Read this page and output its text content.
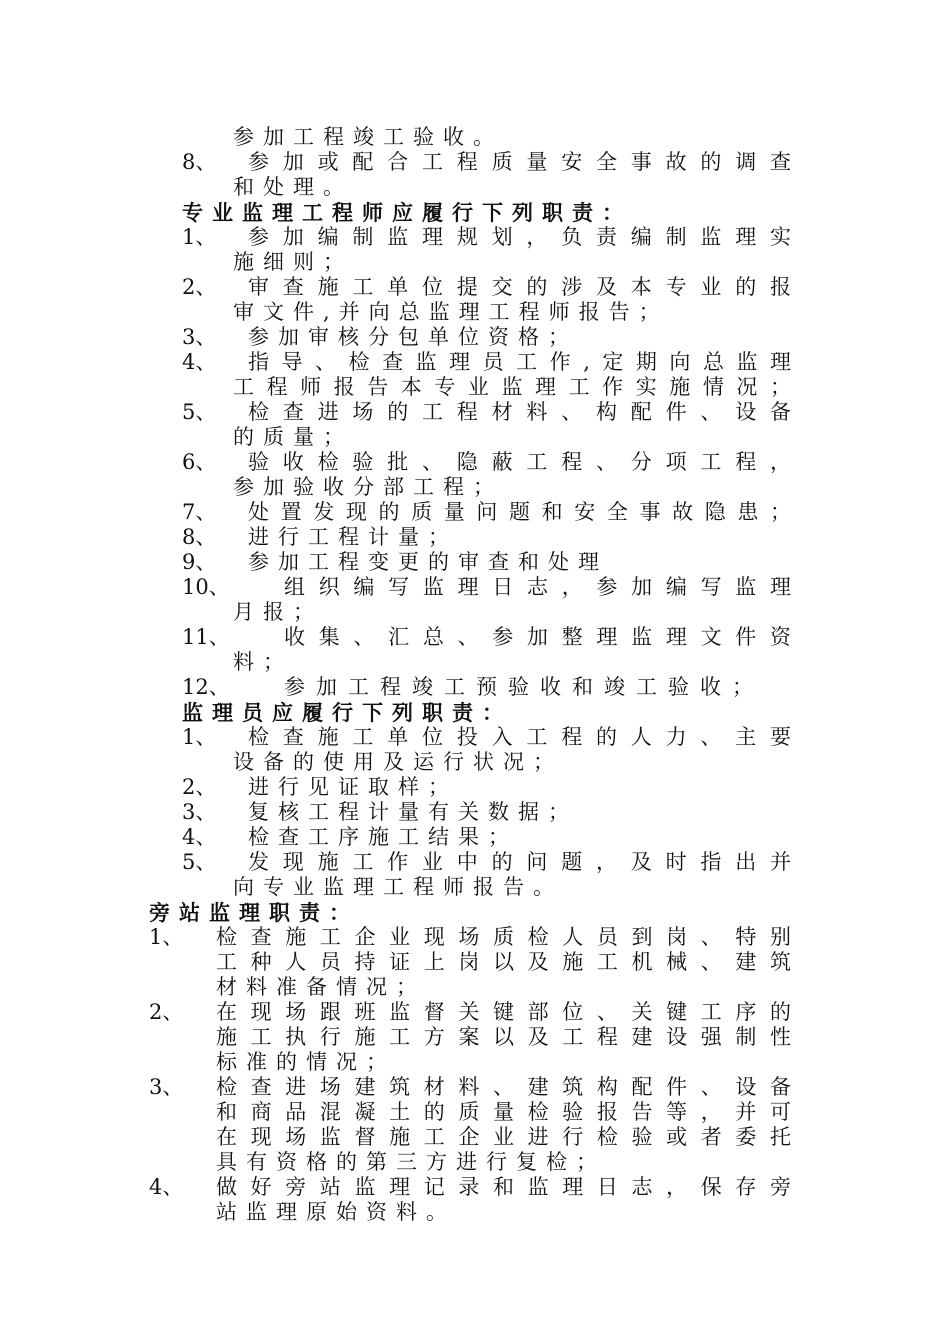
参加工程竣工验收。
8、 参加或配合工程质量安全事故的调查
和处理。
专业监理工程师应履行下列职责：
1、 参加编制监理规划，负责编制监理实
施细则；
2、 审查施工单位提交的涉及本专业的报
审文件,并向总监理工程师报告；
3、 参加审核分包单位资格；
4、 指导、检查监理员工作,定期向总监理
工程师报告本专业监理工作实施情况；
5、 检查进场的工程材料、构配件、设备
的质量；
6、 验收检验批、隐蔽工程、分项工程，
参加验收分部工程；
7、 处置发现的质量问题和安全事故隐患；
8、 进行工程计量；
9、 参加工程变更的审查和处理
10、	组织编写监理日志，参加编写监理
月报；
11、	收集、汇总、参加整理监理文件资
料；
12、	参加工程竣工预验收和竣工验收；
监理员应履行下列职责：
1、 检查施工单位投入工程的人力、主要
设备的使用及运行状况；
2、 进行见证取样；
3、 复核工程计量有关数据；
4、 检查工序施工结果；
5、 发现施工作业中的问题，及时指出并
向专业监理工程师报告。
旁站监理职责：
1、 检查施工企业现场质检人员到岗、特别
工种人员持证上岗以及施工机械、建筑
材料准备情况；
2、 在现场跟班监督关键部位、关键工序的
施工执行施工方案以及工程建设强制性
标准的情况；
3、 检查进场建筑材料、建筑构配件、设备
和商品混凝土的质量检验报告等，并可
在现场监督施工企业进行检验或者委托
具有资格的第三方进行复检；
4、 做好旁站监理记录和监理日志，保存旁
站监理原始资料。
